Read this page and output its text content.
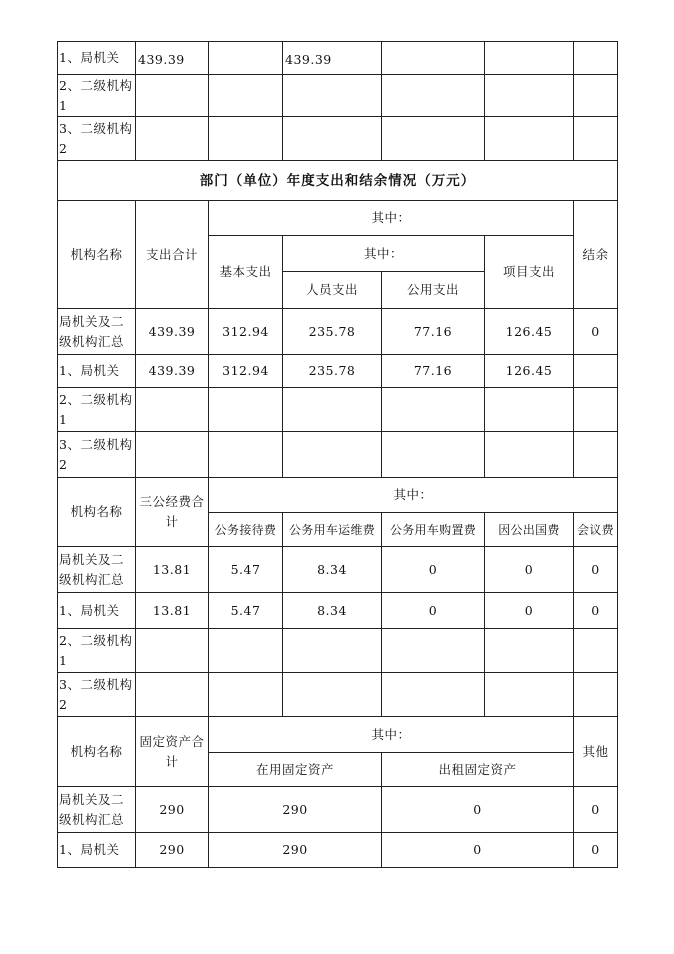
1、局机关	439.39		439.39			
2、二级机构1						
3、二级机构2						
部门（单位）年度支出和结余情况（万元）						
机构名称	支出合计	其中：				结余
		基本支出	其中：		项目支出	
			人员支出	公用支出		
局机关及二级机构汇总	439.39	312.94	235.78	77.16	126.45	0
1、局机关	439.39	312.94	235.78	77.16	126.45	
2、二级机构1						
3、二级机构2						
机构名称	三公经费合计	其中：				
		公务接待费	公务用车运维费	公务用车购置费	因公出国费	会议费
局机关及二级机构汇总	13.81	5.47	8.34	0	0	0
1、局机关	13.81	5.47	8.34	0	0	0
2、二级机构1						
3、二级机构2						
机构名称	固定资产合计	其中：				其他
		在用固定资产		出租固定资产		
局机关及二级机构汇总	290	290		0		0
1、局机关	290	290		0		0
